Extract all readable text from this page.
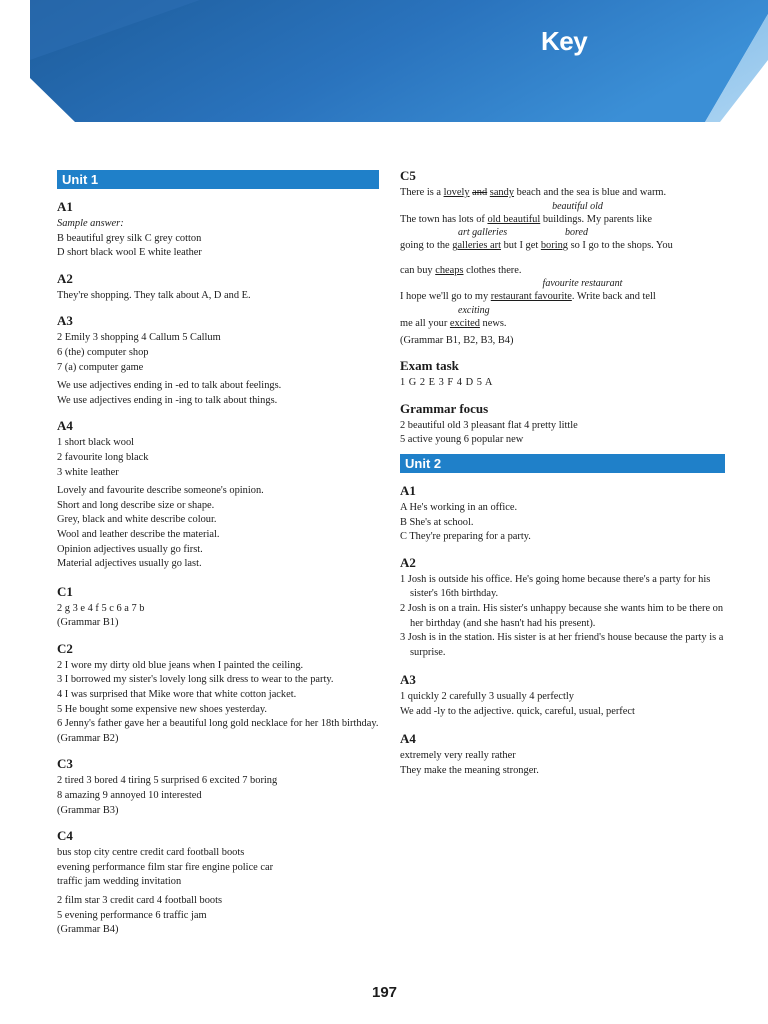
Key
Unit 1
A1

Sample answer:

B beautiful grey silk C grey cotton

D short black wool E white leather

A2

They're shopping. They talk about A, D and E.

A3

2 Emily 3 shopping 4 Callum 5 Callum

6 (the) computer shop

7 (a) computer game

We use adjectives ending in -ed to talk about feelings.

We use adjectives ending in -ing to talk about things.

A4

1 short black wool

2 favourite long black

3 white leather

Lovely and favourite describe someone's opinion.

Short and long describe size or shape.

Grey, black and white describe colour.

Wool and leather describe the material.

Opinion adjectives usually go first.

Material adjectives usually go last.

C1

2 g 3 e 4 f 5 c 6 a 7 b

(Grammar B1)

C2

2 I wore my dirty old blue jeans when I painted the ceiling.

3 I borrowed my sister's lovely long silk dress to wear to the party.

4 I was surprised that Mike wore that white cotton jacket.

5 He bought some expensive new shoes yesterday.

6 Jenny's father gave her a beautiful long gold necklace for her 18th birthday.

(Grammar B2)

C3

2 tired 3 bored 4 tiring 5 surprised 6 excited 7 boring

8 amazing 9 annoyed 10 interested

(Grammar B3)

C4

bus stop city centre credit card football boots

evening performance film star fire engine police car

traffic jam wedding invitation

2 film star 3 credit card 4 football boots

5 evening performance 6 traffic jam

(Grammar B4)

C5

There is a lovely and sandy beach and the sea is blue and warm.

beautiful old

The town has lots of old beautiful buildings. My parents like

art galleries	bored

going to the galleries art but I get boring so I go to the shops. You

can buy cheaps clothes there.

favourite restaurant

I hope we'll go to my restaurant favourite. Write back and tell

exciting

me all your excited news.

(Grammar B1, B2, B3, B4)

Exam task

1 G 2 E 3 F 4 D 5 A

Grammar focus

2 beautiful old 3 pleasant flat 4 pretty little

5 active young 6 popular new

Unit 2
A1

A He's working in an office.

B She's at school.

C They're preparing for a party.

A2

1 Josh is outside his office. He's going home because there's a party for his sister's 16th birthday.

2 Josh is on a train. His sister's unhappy because she wants him to be there on her birthday (and she hasn't had his present).

3 Josh is in the station. His sister is at her friend's house because the party is a surprise.

A3

1 quickly 2 carefully 3 usually 4 perfectly

We add -ly to the adjective. quick, careful, usual, perfect

A4

extremely very really rather

They make the meaning stronger.

197
